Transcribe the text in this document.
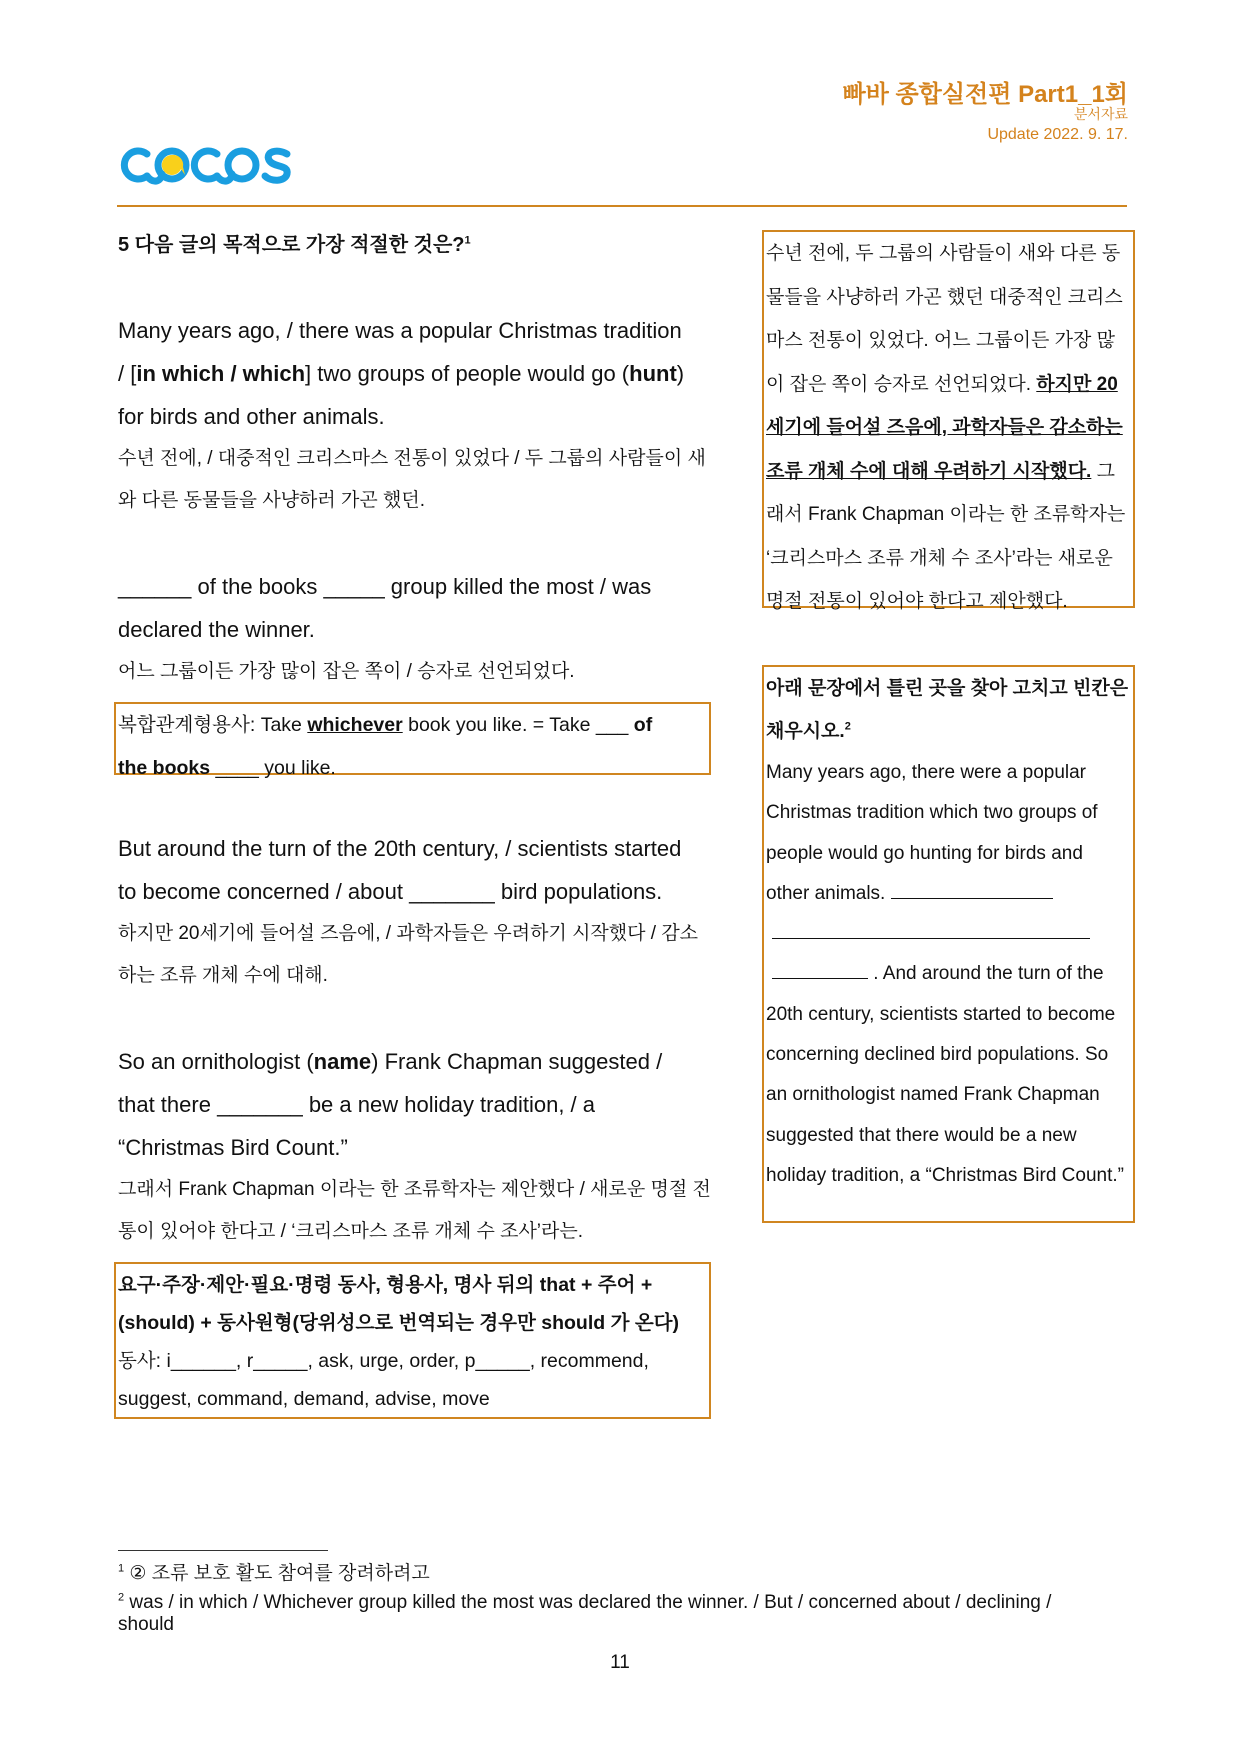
빠바 종합실전편 Part1_1회
분서자료
Update 2022. 9. 17.
5 다음 글의 목적으로 가장 적절한 것은?$^1$
Many years ago, / there was a popular Christmas tradition
/ [in which / which] two groups of people would go (hunt)
for birds and other animals.
수년 전에, / 대중적인 크리스마스 전통이 있었다 / 두 그룹의 사람들이 새와 다른 동물들을 사냥하러 가곤 했던.
______ of the books _____ group killed the most / was
declared the winner.
어느 그룹이든 가장 많이 잡은 쪽이 / 승자로 선언되었다.
복합관계형용사: Take whichever book you like. = Take ___ of
the books ____ you like.
But around the turn of the 20th century, / scientists started
to become concerned / about _______ bird populations.
하지만 20세기에 들어설 즈음에, / 과학자들은 우려하기 시작했다 / 감소하는 조류 개체 수에 대해.
So an ornithologist (name) Frank Chapman suggested /
that there _______ be a new holiday tradition, / a
“Christmas Bird Count.”
그래서 Frank Chapman 이라는 한 조류학자는 제안했다 / 새로운 명절 전통이 있어야 한다고 / ‘크리스마스 조류 개체 수 조사’라는.
요구·주장·제안·필요·명령 동사, 형용사, 명사 뒤의 that + 주어 +
(should) + 동사원형(당위성으로 번역되는 경우만 should 가 온다)
동사: i______, r_____, ask, urge, order, p_____, recommend,
suggest, command, demand, advise, move
수년 전에, 두 그룹의 사람들이 새와 다른 동물들을 사냥하러 가곤 했던 대중적인 크리스마스 전통이 있었다. 어느 그룹이든 가장 많이 잡은 쪽이 승자로 선언되었다. 하지만 20세기에 들어설 즈음에, 과학자들은 감소하는 조류 개체 수에 대해 우려하기 시작했다. 그래서 Frank Chapman 이라는 한 조류학자는 ‘크리스마스 조류 개체 수 조사’라는 새로운 명절 전통이 있어야 한다고 제안했다.
아래 문장에서 틀린 곳을 찾아 고치고 빈칸은 채우시오.$^2$
Many years ago, there were a popular Christmas tradition which two groups of people would go hunting for birds and other animals.

. And around the turn of the 20th century, scientists started to become concerning declined bird populations. So an ornithologist named Frank Chapman suggested that there would be a new holiday tradition, a “Christmas Bird Count.”
$^1$ ② 조류 보호 활도 참여를 장려하려고
$^2$ was / in which / Whichever group killed the most was declared the winner. / But / concerned about / declining / should
11
